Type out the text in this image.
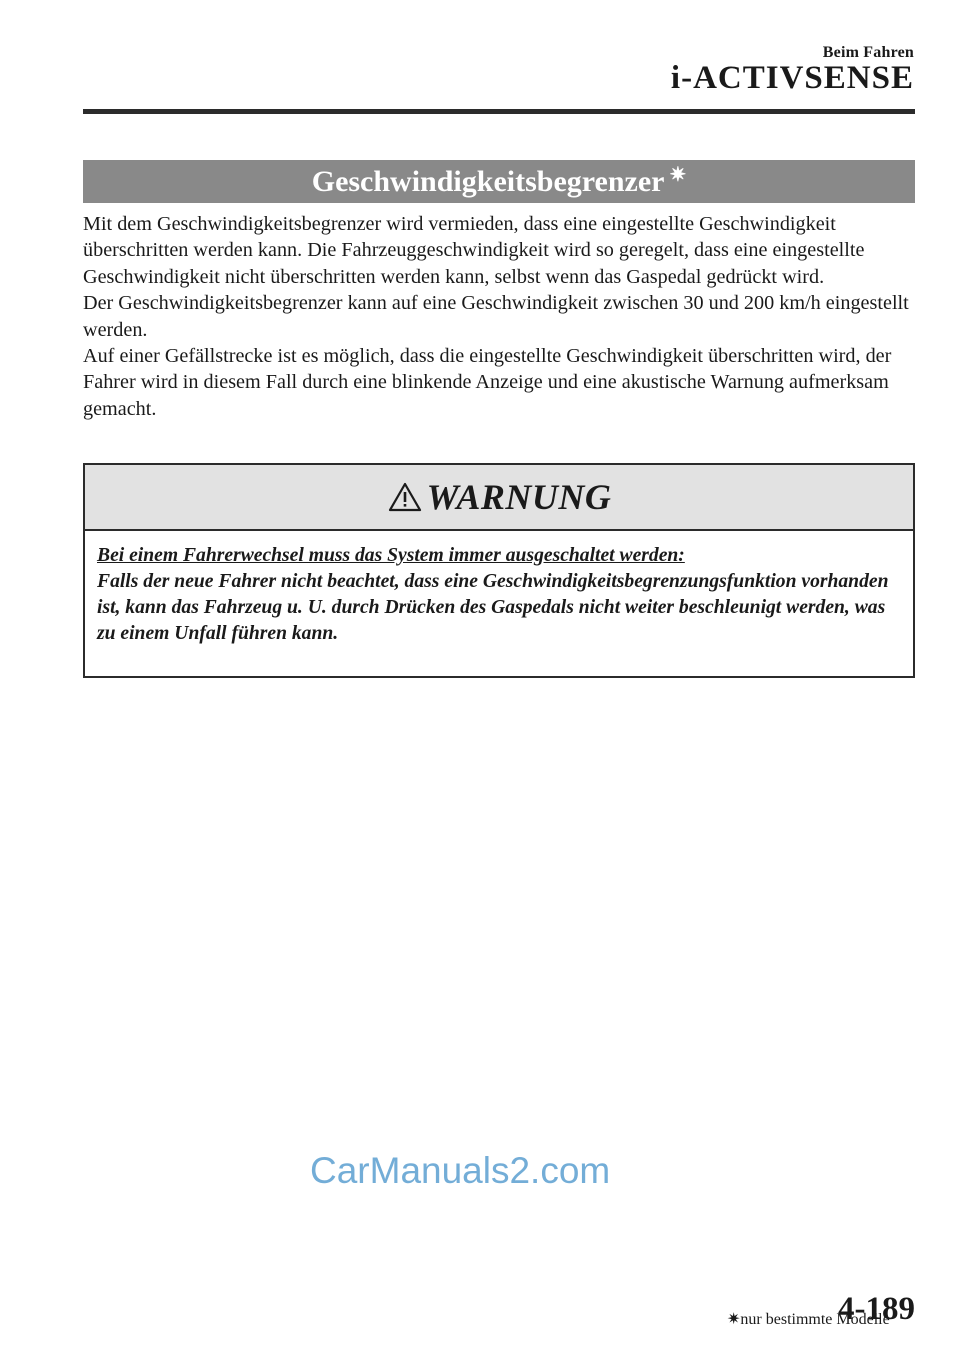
Beim Fahren
i-ACTIVSENSE
Geschwindigkeitsbegrenzer ✷

Mit dem Geschwindigkeitsbegrenzer wird vermieden, dass eine eingestellte Geschwindigkeit überschritten werden kann. Die Fahrzeuggeschwindigkeit wird so geregelt, dass eine eingestellte Geschwindigkeit nicht überschritten werden kann, selbst wenn das Gaspedal gedrückt wird.

Der Geschwindigkeitsbegrenzer kann auf eine Geschwindigkeit zwischen 30 und 200 km/h eingestellt werden.

Auf einer Gefällstrecke ist es möglich, dass die eingestellte Geschwindigkeit überschritten wird, der Fahrer wird in diesem Fall durch eine blinkende Anzeige und eine akustische Warnung aufmerksam gemacht.

WARNUNG

Bei einem Fahrerwechsel muss das System immer ausgeschaltet werden:

Falls der neue Fahrer nicht beachtet, dass eine Geschwindigkeitsbegrenzungsfunktion vorhanden ist, kann das Fahrzeug u. U. durch Drücken des Gaspedals nicht weiter beschleunigt werden, was zu einem Unfall führen kann.

CarManuals2.com
✷nur bestimmte Modelle
4-189
